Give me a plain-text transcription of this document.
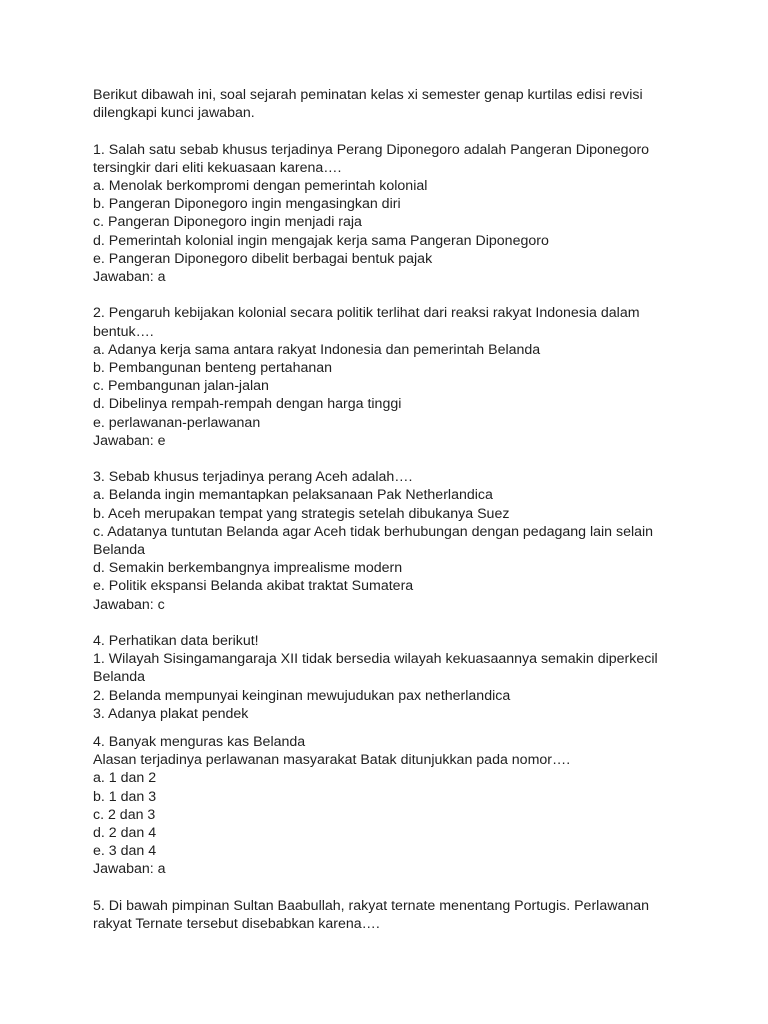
Berikut dibawah ini, soal sejarah peminatan kelas xi semester genap kurtilas edisi revisi dilengkapi kunci jawaban.

1. Salah satu sebab khusus terjadinya Perang Diponegoro adalah Pangeran Diponegoro tersingkir dari eliti kekuasaan karena….
a. Menolak berkompromi dengan pemerintah kolonial
b. Pangeran Diponegoro ingin mengasingkan diri
c. Pangeran Diponegoro ingin menjadi raja
d. Pemerintah kolonial ingin mengajak kerja sama Pangeran Diponegoro
e. Pangeran Diponegoro dibelit berbagai bentuk pajak
Jawaban: a
2. Pengaruh kebijakan kolonial secara politik terlihat dari reaksi rakyat Indonesia dalam bentuk….
a. Adanya kerja sama antara rakyat Indonesia dan pemerintah Belanda
b. Pembangunan benteng pertahanan
c. Pembangunan jalan-jalan
d. Dibelinya rempah-rempah dengan harga tinggi
e. perlawanan-perlawanan
Jawaban: e
3. Sebab khusus terjadinya perang Aceh adalah….
a. Belanda ingin memantapkan pelaksanaan Pak Netherlandica
b. Aceh merupakan tempat yang strategis setelah dibukanya Suez
c. Adatanya tuntutan Belanda agar Aceh tidak berhubungan dengan pedagang lain selain Belanda
d. Semakin berkembangnya imprealisme modern
e. Politik ekspansi Belanda akibat traktat Sumatera
Jawaban: c
4. Perhatikan data berikut!
1. Wilayah Sisingamangaraja XII tidak bersedia wilayah kekuasaannya semakin diperkecil Belanda
2. Belanda mempunyai keinginan mewujudukan pax netherlandica
3. Adanya plakat pendek
4. Banyak menguras kas Belanda
Alasan terjadinya perlawanan masyarakat Batak ditunjukkan pada nomor….
a. 1 dan 2
b. 1 dan 3
c. 2 dan 3
d. 2 dan 4
e. 3 dan 4
Jawaban: a
5. Di bawah pimpinan Sultan Baabullah, rakyat ternate menentang Portugis. Perlawanan rakyat Ternate tersebut disebabkan karena….
